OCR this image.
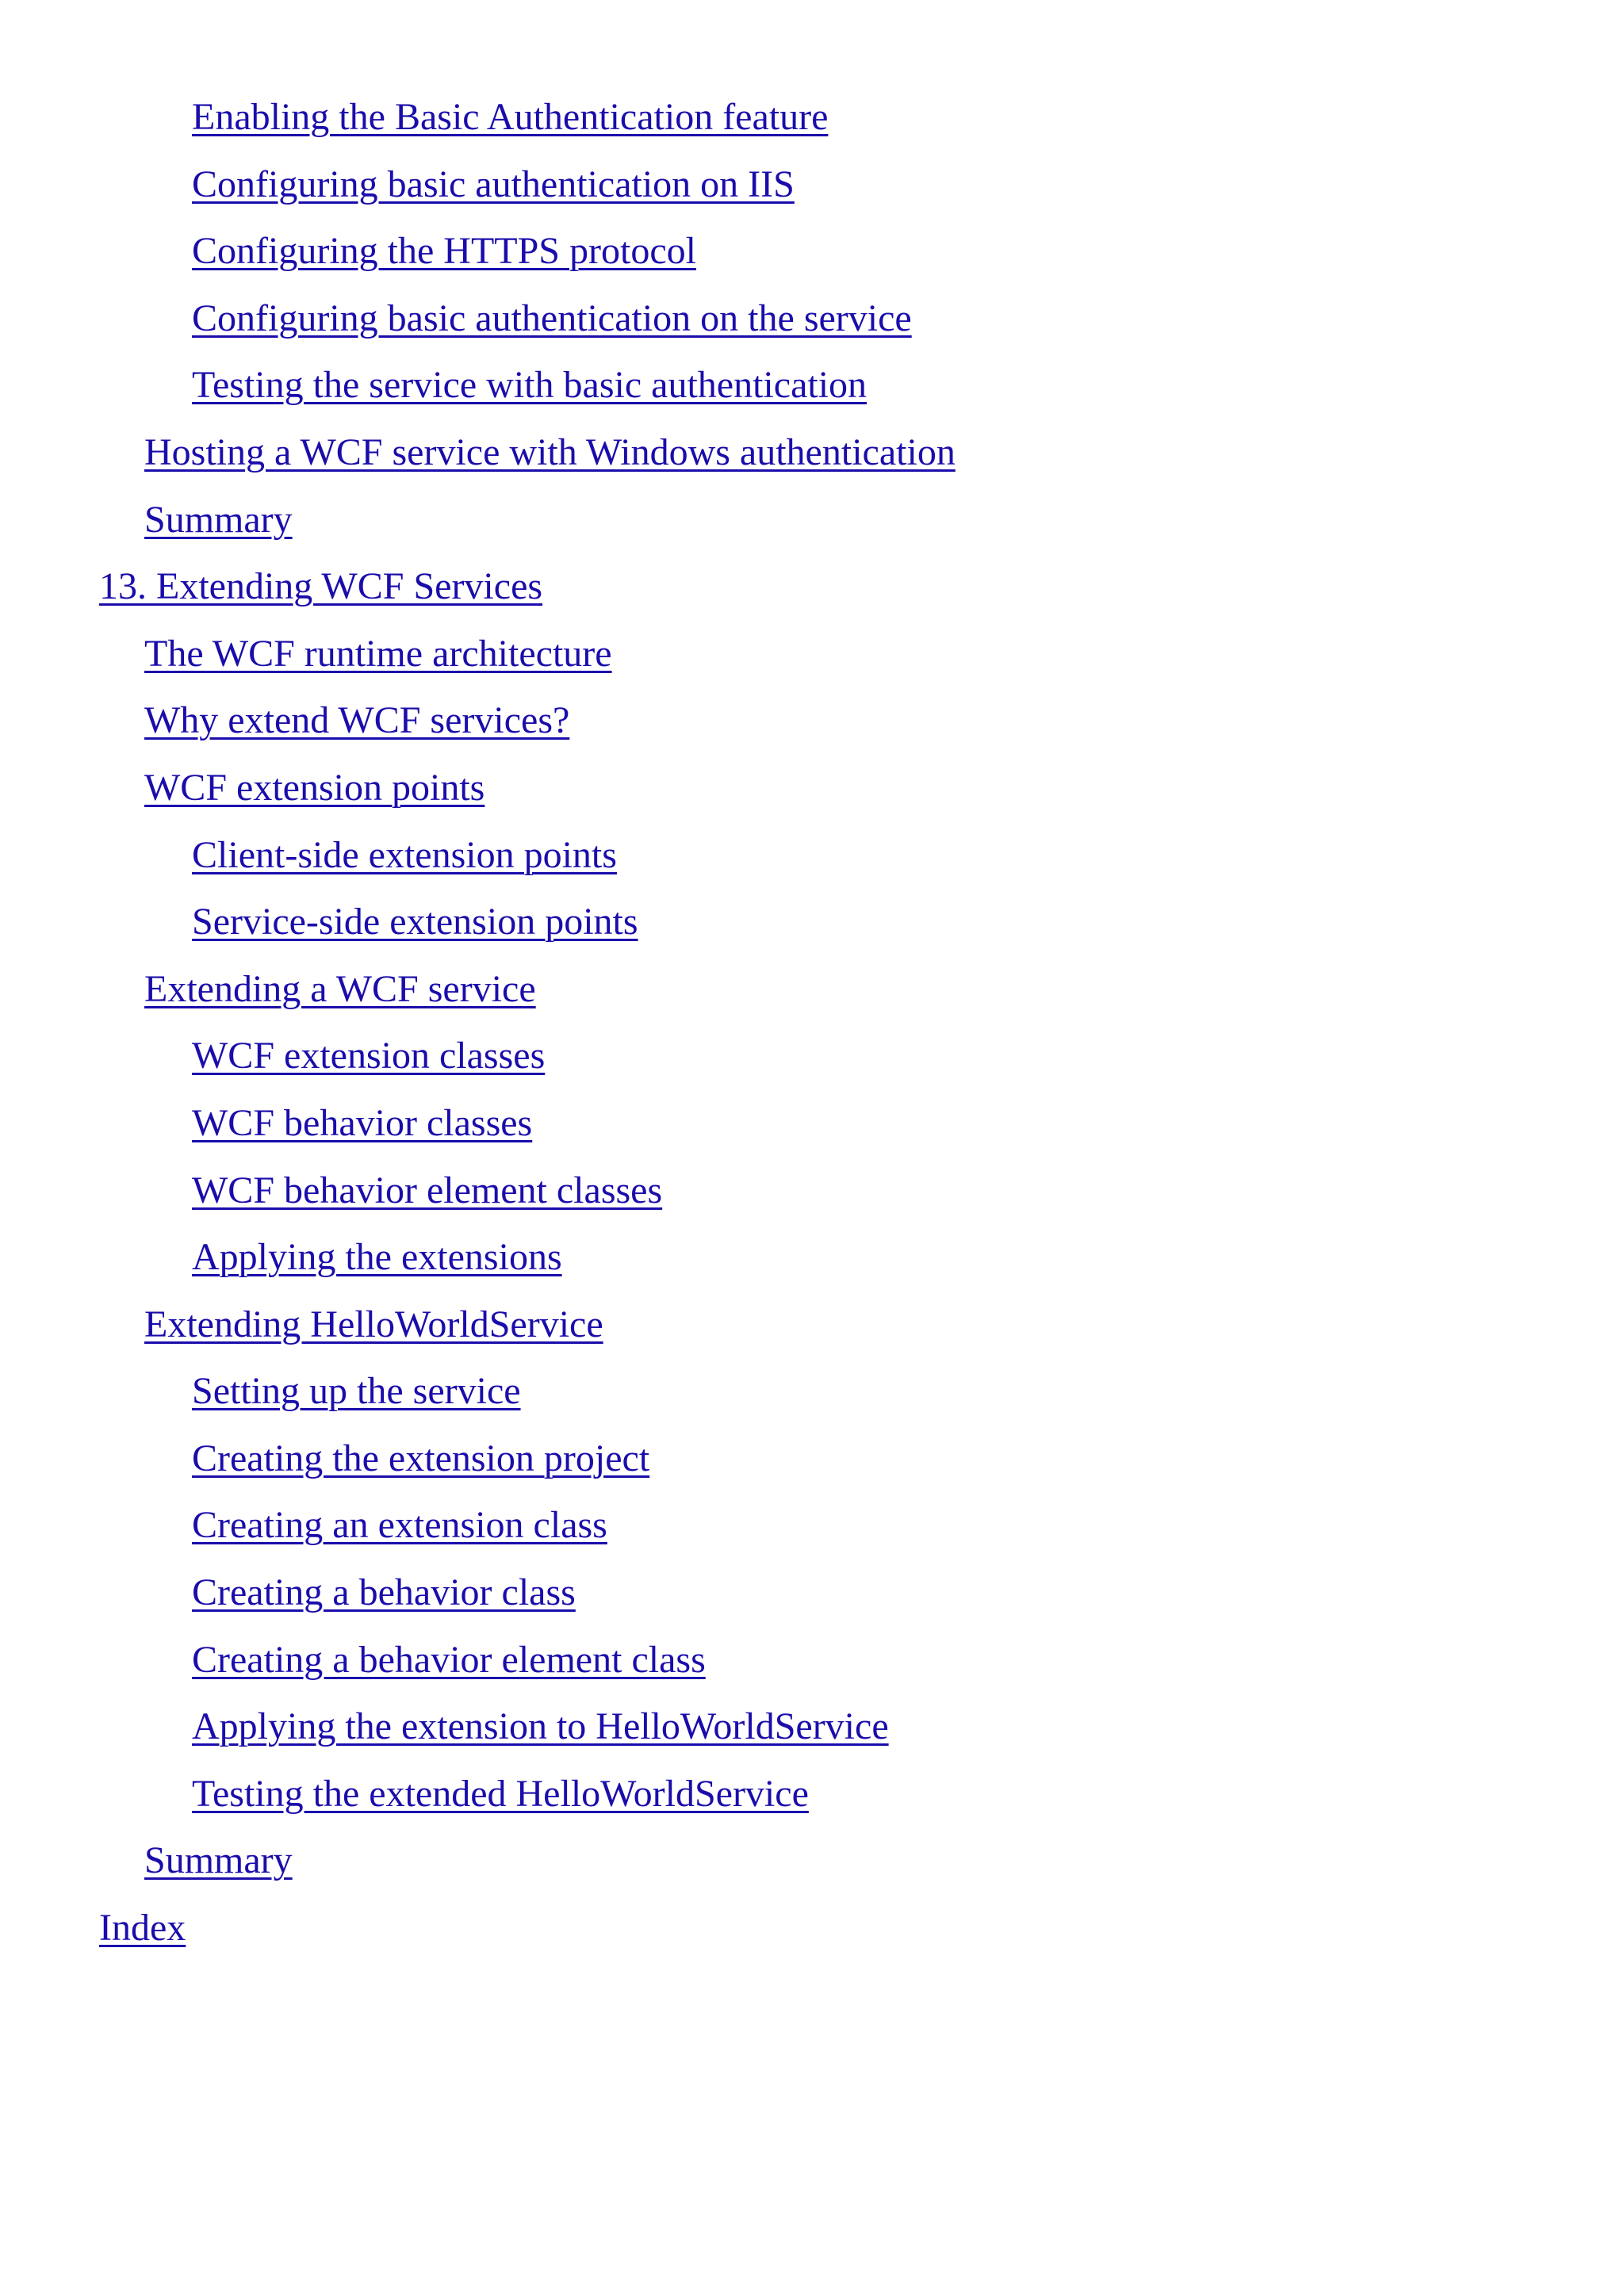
Enabling the Basic Authentication feature
Configuring basic authentication on IIS
Configuring the HTTPS protocol
Configuring basic authentication on the service
Testing the service with basic authentication
Hosting a WCF service with Windows authentication
Summary
13. Extending WCF Services
The WCF runtime architecture
Why extend WCF services?
WCF extension points
Client-side extension points
Service-side extension points
Extending a WCF service
WCF extension classes
WCF behavior classes
WCF behavior element classes
Applying the extensions
Extending HelloWorldService
Setting up the service
Creating the extension project
Creating an extension class
Creating a behavior class
Creating a behavior element class
Applying the extension to HelloWorldService
Testing the extended HelloWorldService
Summary
Index
